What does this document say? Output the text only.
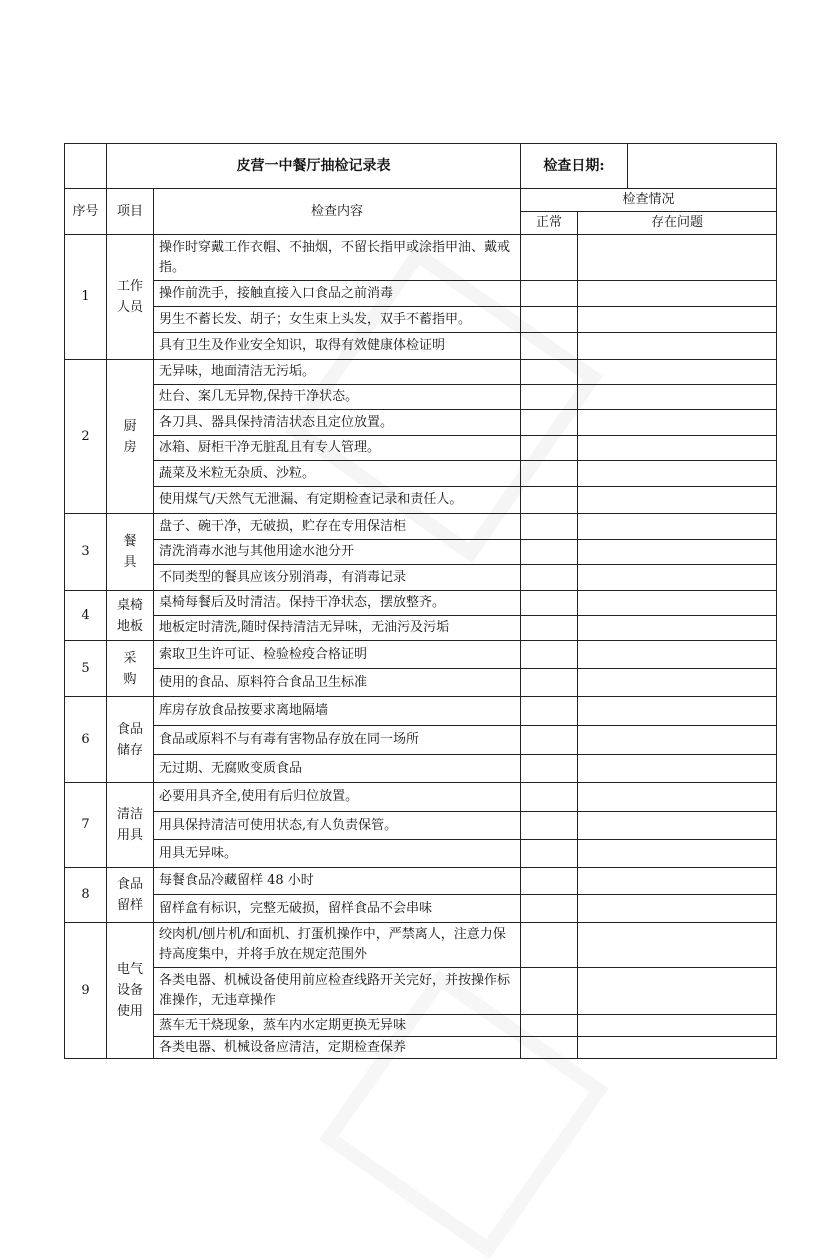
	皮营一中餐厅抽检记录表		检查日期:	

序号	项目	检查内容	检查情况	
			正常	存在问题
1	工作人员	操作时穿戴工作衣帽、不抽烟，不留长指甲或涂指甲油、戴戒指。		
		操作前洗手，接触直接入口食品之前消毒		
		男生不蓄长发、胡子；女生束上头发，双手不蓄指甲。		
		具有卫生及作业安全知识，取得有效健康体检证明		
2	厨房	无异味，地面清洁无污垢。		
		灶台、案几无异物,保持干净状态。		
		各刀具、器具保持清洁状态且定位放置。		
		冰箱、厨柜干净无脏乱且有专人管理。		
		蔬菜及米粒无杂质、沙粒。		
		使用煤气/天然气无泄漏、有定期检查记录和责任人。		
3	餐具	盘子、碗干净，无破损，贮存在专用保洁柜		
		清洗消毒水池与其他用途水池分开		
		不同类型的餐具应该分别消毒，有消毒记录		
4	桌椅地板	桌椅每餐后及时清洁。保持干净状态，摆放整齐。		
		地板定时清洗,随时保持清洁无异味，无油污及污垢		
5	采购	索取卫生许可证、检验检疫合格证明		
		使用的食品、原料符合食品卫生标准		
6	食品储存	库房存放食品按要求离地隔墙		
		食品或原料不与有毒有害物品存放在同一场所		
		无过期、无腐败变质食品		
7	清洁用具	必要用具齐全,使用有后归位放置。		
		用具保持清洁可使用状态,有人负责保管。		
		用具无异味。		
8	食品留样	每餐食品冷藏留样 48 小时		
		留样盒有标识，完整无破损，留样食品不会串味		
9	电气设备使用	绞肉机/刨片机/和面机、打蛋机操作中，严禁离人，注意力保持高度集中，并将手放在规定范围外		
		各类电器、机械设备使用前应检查线路开关完好，并按操作标准操作，无违章操作		
		蒸车无干烧现象，蒸车内水定期更换无异味		
		各类电器、机械设备应清洁，定期检查保养		
